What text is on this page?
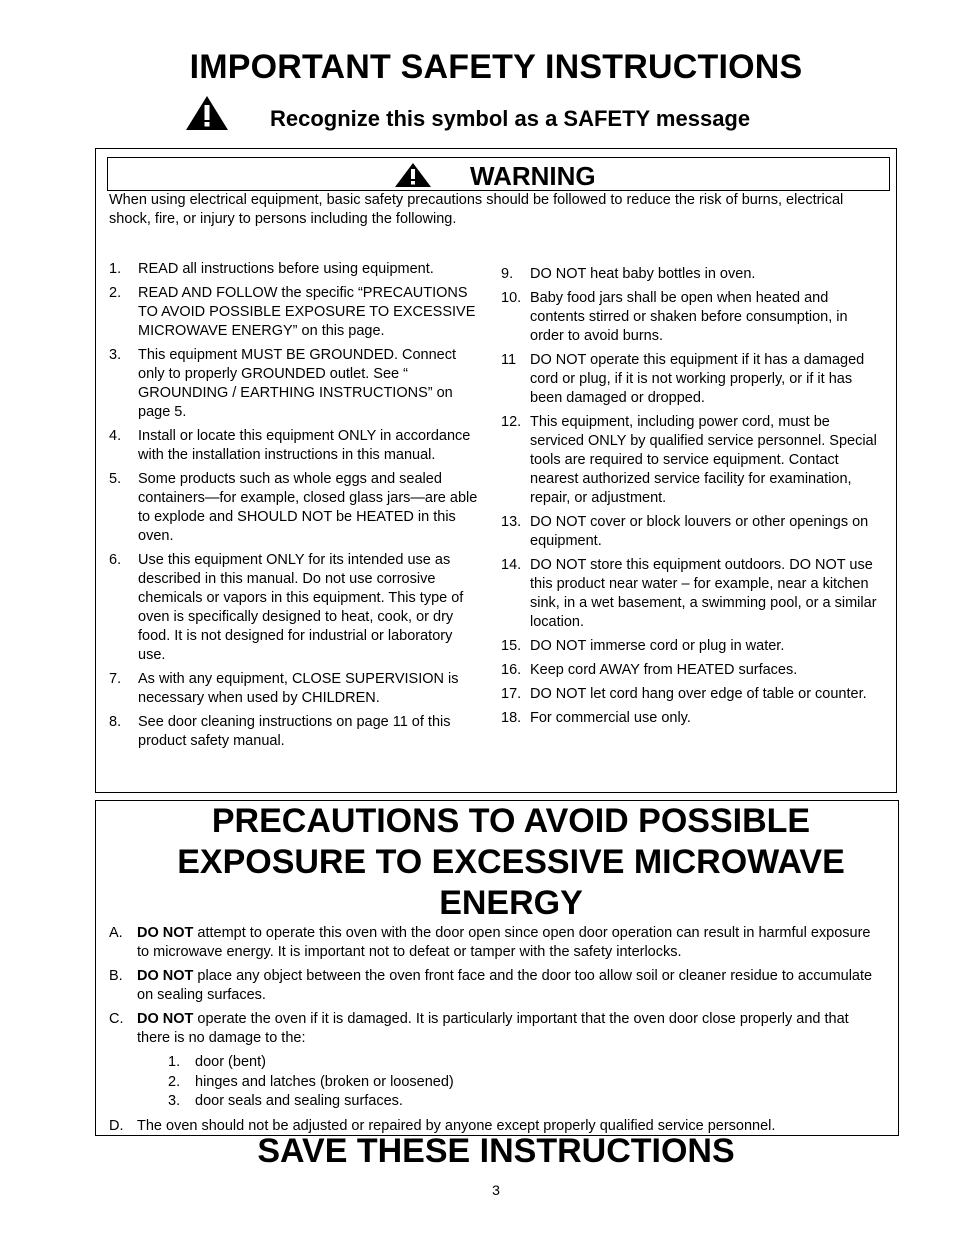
IMPORTANT SAFETY INSTRUCTIONS
Recognize this symbol as a SAFETY message
WARNING
When using electrical equipment, basic safety precautions should be followed to reduce the risk of burns, electrical shock, fire, or injury to persons including the following.
1. READ all instructions before using equipment.
2. READ AND FOLLOW the specific “PRECAUTIONS TO AVOID POSSIBLE EXPOSURE TO EXCESSIVE MICROWAVE ENERGY” on this page.
3. This equipment MUST BE GROUNDED. Connect only to properly GROUNDED outlet. See “ GROUNDING / EARTHING INSTRUCTIONS” on page 5.
4. Install or locate this equipment ONLY in accordance with the installation instructions in this manual.
5. Some products such as whole eggs and sealed containers—for example, closed glass jars—are able to explode and SHOULD NOT be HEATED in this oven.
6. Use this equipment ONLY for its intended use as described in this manual. Do not use corrosive chemicals or vapors in this equipment. This type of oven is specifically designed to heat, cook, or dry food. It is not designed for industrial or laboratory use.
7. As with any equipment, CLOSE SUPERVISION is necessary when used by CHILDREN.
8. See door cleaning instructions on page 11 of this product safety manual.
9. DO NOT heat baby bottles in oven.
10. Baby food jars shall be open when heated and contents stirred or shaken before consumption, in order to avoid burns.
11 DO NOT operate this equipment if it has a damaged cord or plug, if it is not working properly, or if it has been damaged or dropped.
12. This equipment, including power cord, must be serviced ONLY by qualified service personnel. Special tools are required to service equipment. Contact nearest authorized service facility for examination, repair, or adjustment.
13. DO NOT cover or block louvers or other openings on equipment.
14. DO NOT store this equipment outdoors. DO NOT use this product near water – for example, near a kitchen sink, in a wet basement, a swimming pool, or a similar location.
15. DO NOT immerse cord or plug in water.
16. Keep cord AWAY from HEATED surfaces.
17. DO NOT let cord hang over edge of table or counter.
18. For commercial use only.
PRECAUTIONS TO AVOID POSSIBLE
EXPOSURE TO EXCESSIVE MICROWAVE
ENERGY
A. DO NOT attempt to operate this oven with the door open since open door operation can result in harmful exposure to microwave energy. It is important not to defeat or tamper with the safety interlocks.
B. DO NOT place any object between the oven front face and the door too allow soil or cleaner residue to accumulate on sealing surfaces.
C. DO NOT operate the oven if it is damaged. It is particularly important that the oven door close properly and that there is no damage to the:
1. door (bent)
2. hinges and latches (broken or loosened)
3. door seals and sealing surfaces.
D. The oven should not be adjusted or repaired by anyone except properly qualified service personnel.
SAVE THESE INSTRUCTIONS
3
